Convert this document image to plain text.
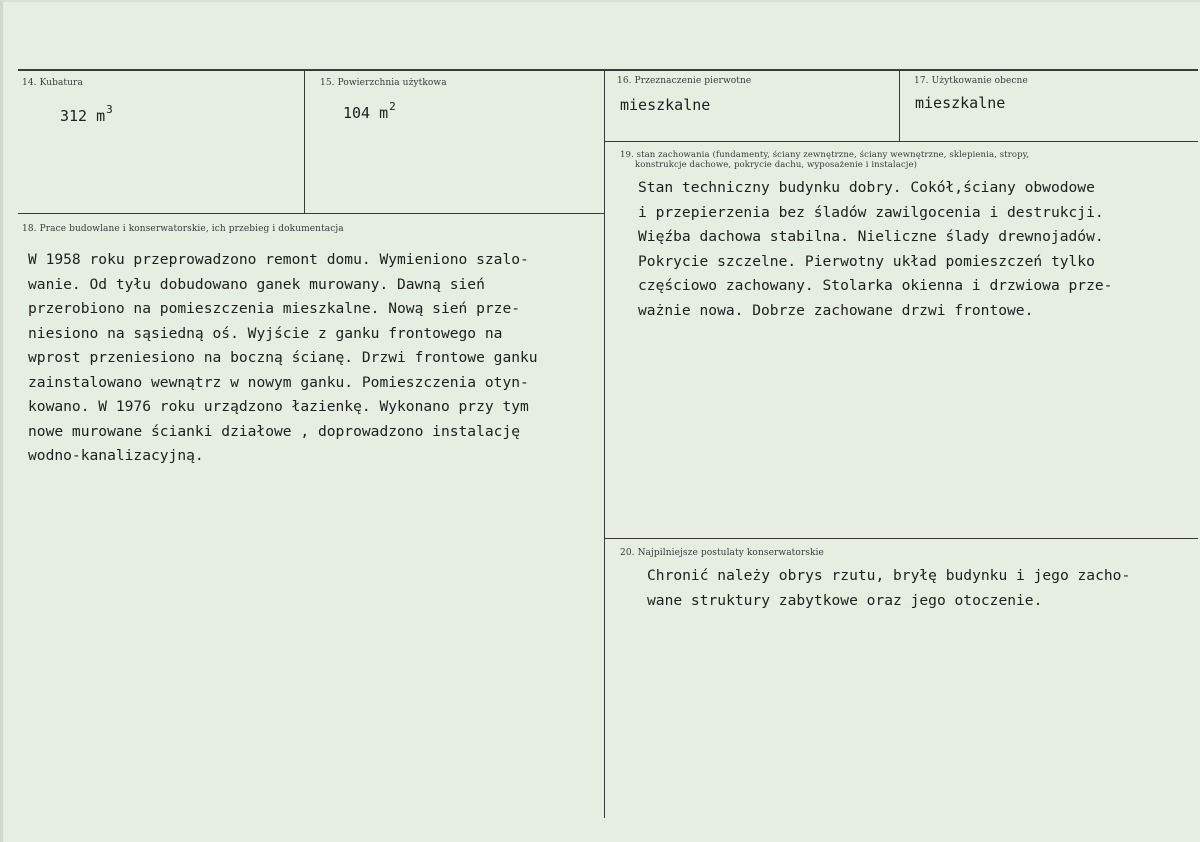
14. Kubatura
312 $m^3$
15. Powierzchnia użytkowa
104 $m^2$
16. Przeznaczenie pierwotne
mieszkalne
17. Użytkowanie obecne
mieszkalne
19. stan zachowania (fundamenty, ściany zewnętrzne, ściany wewnętrzne, sklepienia, stropy,
konstrukcje dachowe, pokrycie dachu, wyposażenie i instalacje)
Stan techniczny budynku dobry. Cokół,ściany obwodowe
i przepierzenia bez śladów zawilgocenia i destrukcji.
Więźba dachowa stabilna. Nieliczne ślady drewnojadów.
Pokrycie szczelne. Pierwotny układ pomieszczeń tylko
częściowo zachowany. Stolarka okienna i drzwiowa prze-
ważnie nowa. Dobrze zachowane drzwi frontowe.
18. Prace budowlane i konserwatorskie, ich przebieg i dokumentacja
W 1958 roku przeprowadzono remont domu. Wymieniono szalo-
wanie. Od tyłu dobudowano ganek murowany. Dawną sień
przerobiono na pomieszczenia mieszkalne. Nową sień prze-
niesiono na sąsiedną oś. Wyjście z ganku frontowego na
wprost przeniesiono na boczną ścianę. Drzwi frontowe ganku
zainstalowano wewnątrz w nowym ganku. Pomieszczenia otyn-
kowano. W 1976 roku urządzono łazienkę. Wykonano przy tym
nowe murowane ścianki działowe , doprowadzono instalację
wodno-kanalizacyjną.
20. Najpilniejsze postulaty konserwatorskie
Chronić należy obrys rzutu, bryłę budynku i jego zacho-
wane struktury zabytkowe oraz jego otoczenie.
